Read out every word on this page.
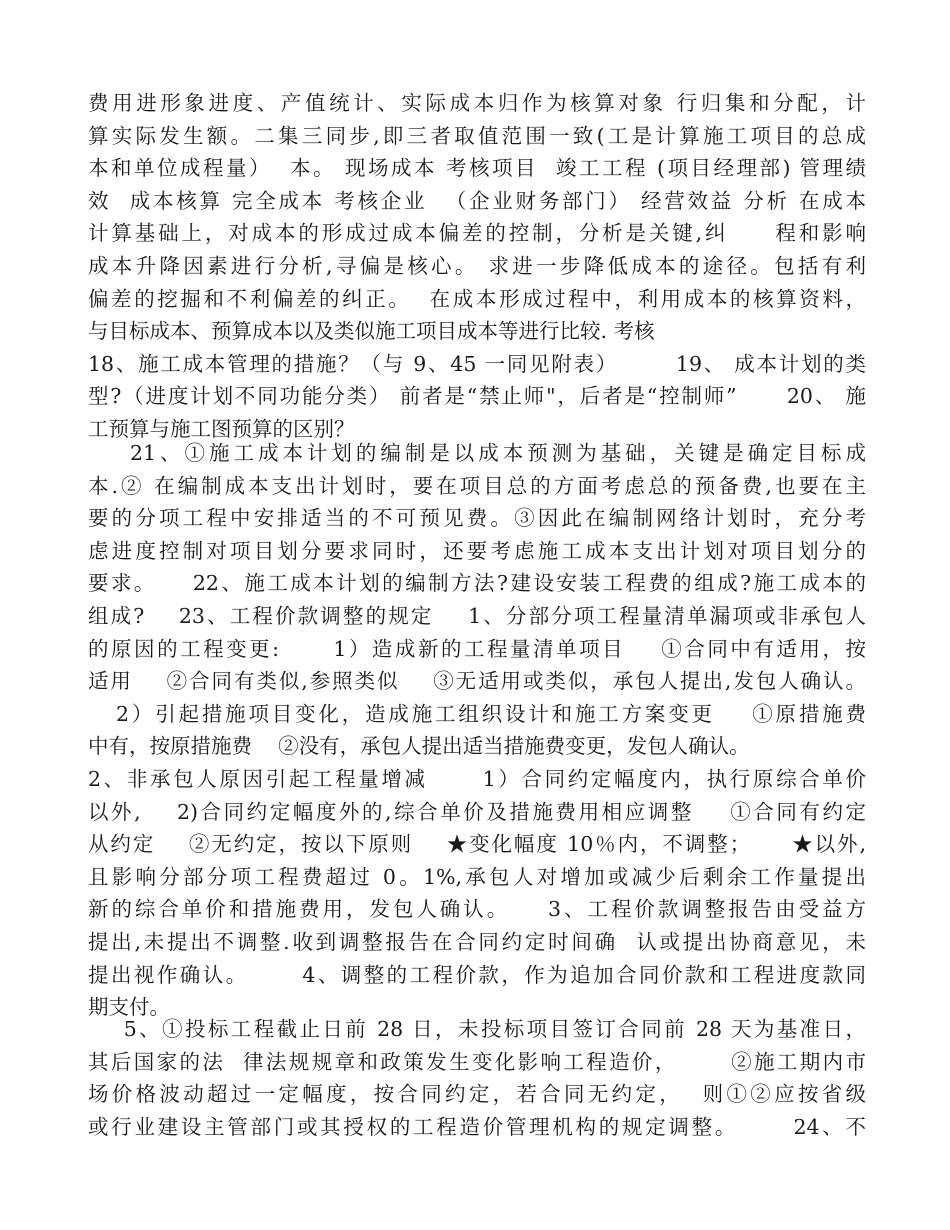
费用进形象进度、产值统计、实际成本归作为核算对象 行归集和分配，计
算实际发生额。二集三同步,即三者取值范围一致(工是计算施工项目的总成
本和单位成程量）  本。 现场成本 考核项目  竣工工程 (项目经理部) 管理绩
效  成本核算 完全成本 考核企业  （企业财务部门） 经营效益 分析 在成本
计算基础上，对成本的形成过成本偏差的控制，分析是关键,纠     程和影响
成本升降因素进行分析,寻偏是核心。 求进一步降低成本的途径。包括有利
偏差的挖掘和不利偏差的纠正。  在成本形成过程中，利用成本的核算资料，
与目标成本、预算成本以及类似施工项目成本等进行比较. 考核
18、施工成本管理的措施？（与 9、45 一同见附表）       19、 成本计划的类
型?（进度计划不同功能分类） 前者是“禁止师"，后者是“控制师”      20、 施
工预算与施工图预算的区别？
21、①施工成本计划的编制是以成本预测为基础，关键是确定目标成
本.② 在编制成本支出计划时，要在项目总的方面考虑总的预备费,也要在主
要的分项工程中安排适当的不可预见费。③因此在编制网络计划时，充分考
虑进度控制对项目划分要求同时，还要考虑施工成本支出计划对项目划分的
要求。    22、施工成本计划的编制方法?建设安装工程费的组成?施工成本的
组成?    23、工程价款调整的规定    1、分部分项工程量清单漏项或非承包人
的原因的工程变更:      1）造成新的工程量清单项目    ①合同中有适用，按
适用    ②合同有类似,参照类似    ③无适用或类似，承包人提出,发包人确认。
2）引起措施项目变化，造成施工组织设计和施工方案变更    ①原措施费
中有，按原措施费    ②没有，承包人提出适当措施费变更，发包人确认。
2、非承包人原因引起工程量增减      1）合同约定幅度内，执行原综合单价
以外,    2)合同约定幅度外的,综合单价及措施费用相应调整    ①合同有约定
从约定    ②无约定，按以下原则    ★变化幅度 10％内，不调整；     ★以外,
且影响分部分项工程费超过 0。1%,承包人对增加或减少后剩余工作量提出
新的综合单价和措施费用，发包人确认。    3、工程价款调整报告由受益方
提出,未提出不调整.收到调整报告在合同约定时间确  认或提出协商意见，未
提出视作确认。      4、调整的工程价款，作为追加合同价款和工程进度款同
期支付。
5、①投标工程截止日前 28 日，未投标项目签订合同前 28 天为基准日，
其后国家的法  律法规规章和政策发生变化影响工程造价，      ②施工期内市
场价格波动超过一定幅度，按合同约定，若合同无约定，  则①②应按省级
或行业建设主管部门或其授权的工程造价管理机构的规定调整。      24、不
